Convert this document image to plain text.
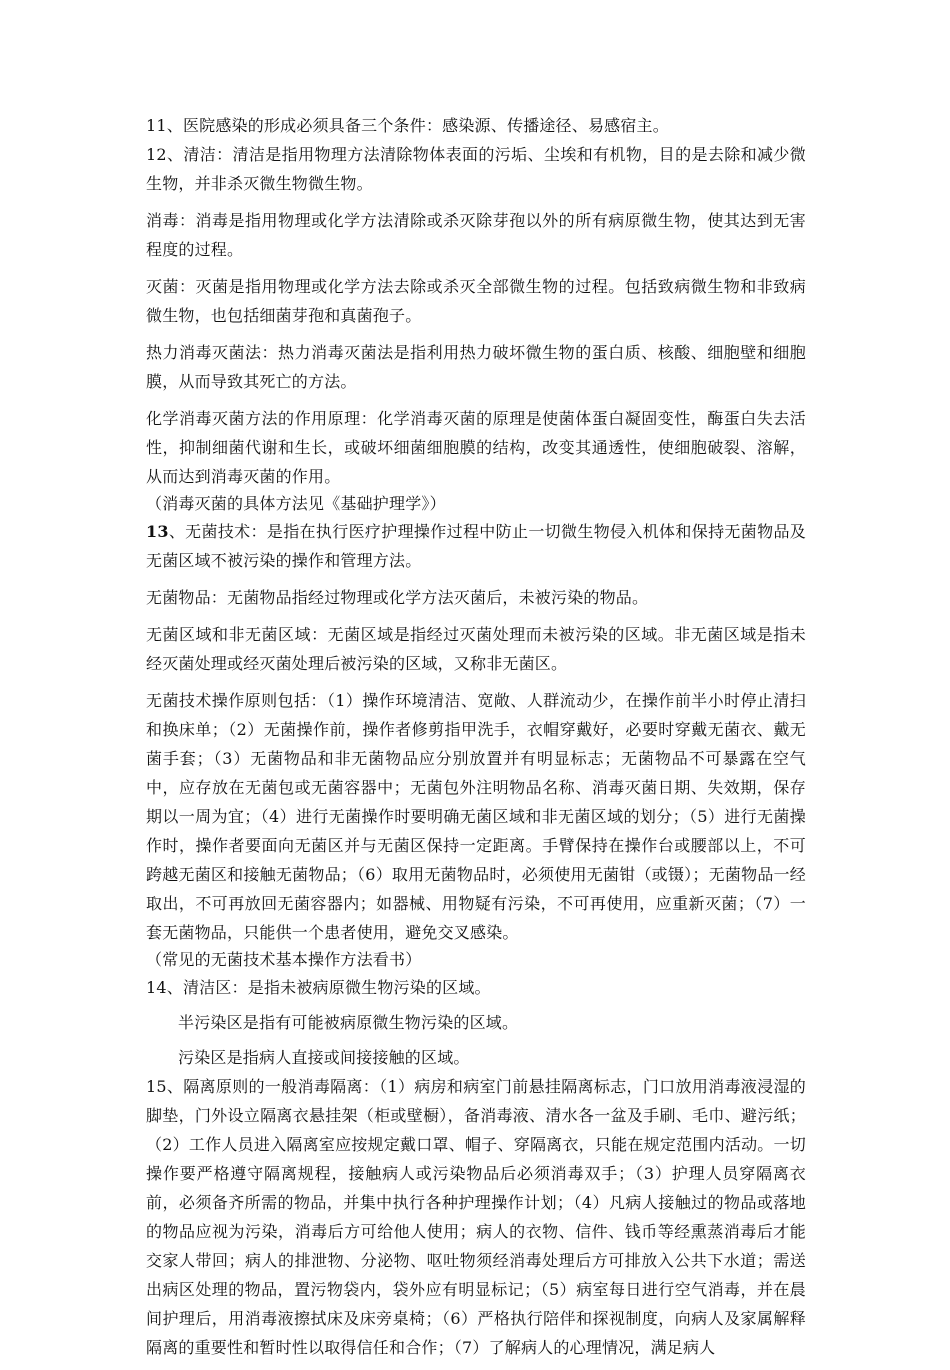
11、医院感染的形成必须具备三个条件：感染源、传播途径、易感宿主。

12、清洁：清洁是指用物理方法清除物体表面的污垢、尘埃和有机物，目的是去除和减少微生物，并非杀灭微生物微生物。

消毒：消毒是指用物理或化学方法清除或杀灭除芽孢以外的所有病原微生物，使其达到无害程度的过程。

灭菌：灭菌是指用物理或化学方法去除或杀灭全部微生物的过程。包括致病微生物和非致病微生物，也包括细菌芽孢和真菌孢子。

热力消毒灭菌法：热力消毒灭菌法是指利用热力破坏微生物的蛋白质、核酸、细胞壁和细胞膜，从而导致其死亡的方法。

化学消毒灭菌方法的作用原理：化学消毒灭菌的原理是使菌体蛋白凝固变性，酶蛋白失去活性，抑制细菌代谢和生长，或破坏细菌细胞膜的结构，改变其通透性，使细胞破裂、溶解，从而达到消毒灭菌的作用。

（消毒灭菌的具体方法见《基础护理学》）

13、无菌技术：是指在执行医疗护理操作过程中防止一切微生物侵入机体和保持无菌物品及无菌区域不被污染的操作和管理方法。

无菌物品：无菌物品指经过物理或化学方法灭菌后，未被污染的物品。

无菌区域和非无菌区域：无菌区域是指经过灭菌处理而未被污染的区域。非无菌区域是指未经灭菌处理或经灭菌处理后被污染的区域，又称非无菌区。

无菌技术操作原则包括：（1）操作环境清洁、宽敞、人群流动少，在操作前半小时停止清扫和换床单；（2）无菌操作前，操作者修剪指甲洗手，衣帽穿戴好，必要时穿戴无菌衣、戴无菌手套；（3）无菌物品和非无菌物品应分别放置并有明显标志；无菌物品不可暴露在空气中，应存放在无菌包或无菌容器中；无菌包外注明物品名称、消毒灭菌日期、失效期，保存期以一周为宜；（4）进行无菌操作时要明确无菌区域和非无菌区域的划分；（5）进行无菌操作时，操作者要面向无菌区并与无菌区保持一定距离。手臂保持在操作台或腰部以上，不可跨越无菌区和接触无菌物品；（6）取用无菌物品时，必须使用无菌钳（或镊）；无菌物品一经取出，不可再放回无菌容器内；如器械、用物疑有污染，不可再使用，应重新灭菌；（7）一套无菌物品，只能供一个患者使用，避免交叉感染。

（常见的无菌技术基本操作方法看书）

14、清洁区：是指未被病原微生物污染的区域。

半污染区是指有可能被病原微生物污染的区域。

污染区是指病人直接或间接接触的区域。

15、隔离原则的一般消毒隔离：（1）病房和病室门前悬挂隔离标志，门口放用消毒液浸湿的脚垫，门外设立隔离衣悬挂架（柜或壁橱），备消毒液、清水各一盆及手刷、毛巾、避污纸；（2）工作人员进入隔离室应按规定戴口罩、帽子、穿隔离衣，只能在规定范围内活动。一切操作要严格遵守隔离规程，接触病人或污染物品后必须消毒双手；（3）护理人员穿隔离衣前，必须备齐所需的物品，并集中执行各种护理操作计划；（4）凡病人接触过的物品或落地的物品应视为污染，消毒后方可给他人使用；病人的衣物、信件、钱币等经熏蒸消毒后才能交家人带回；病人的排泄物、分泌物、呕吐物须经消毒处理后方可排放入公共下水道；需送出病区处理的物品，置污物袋内，袋外应有明显标记；（5）病室每日进行空气消毒，并在晨间护理后，用消毒液擦拭床及床旁桌椅；（6）严格执行陪伴和探视制度，向病人及家属解释隔离的重要性和暂时性以取得信任和合作；（7）了解病人的心理情况，满足病人
